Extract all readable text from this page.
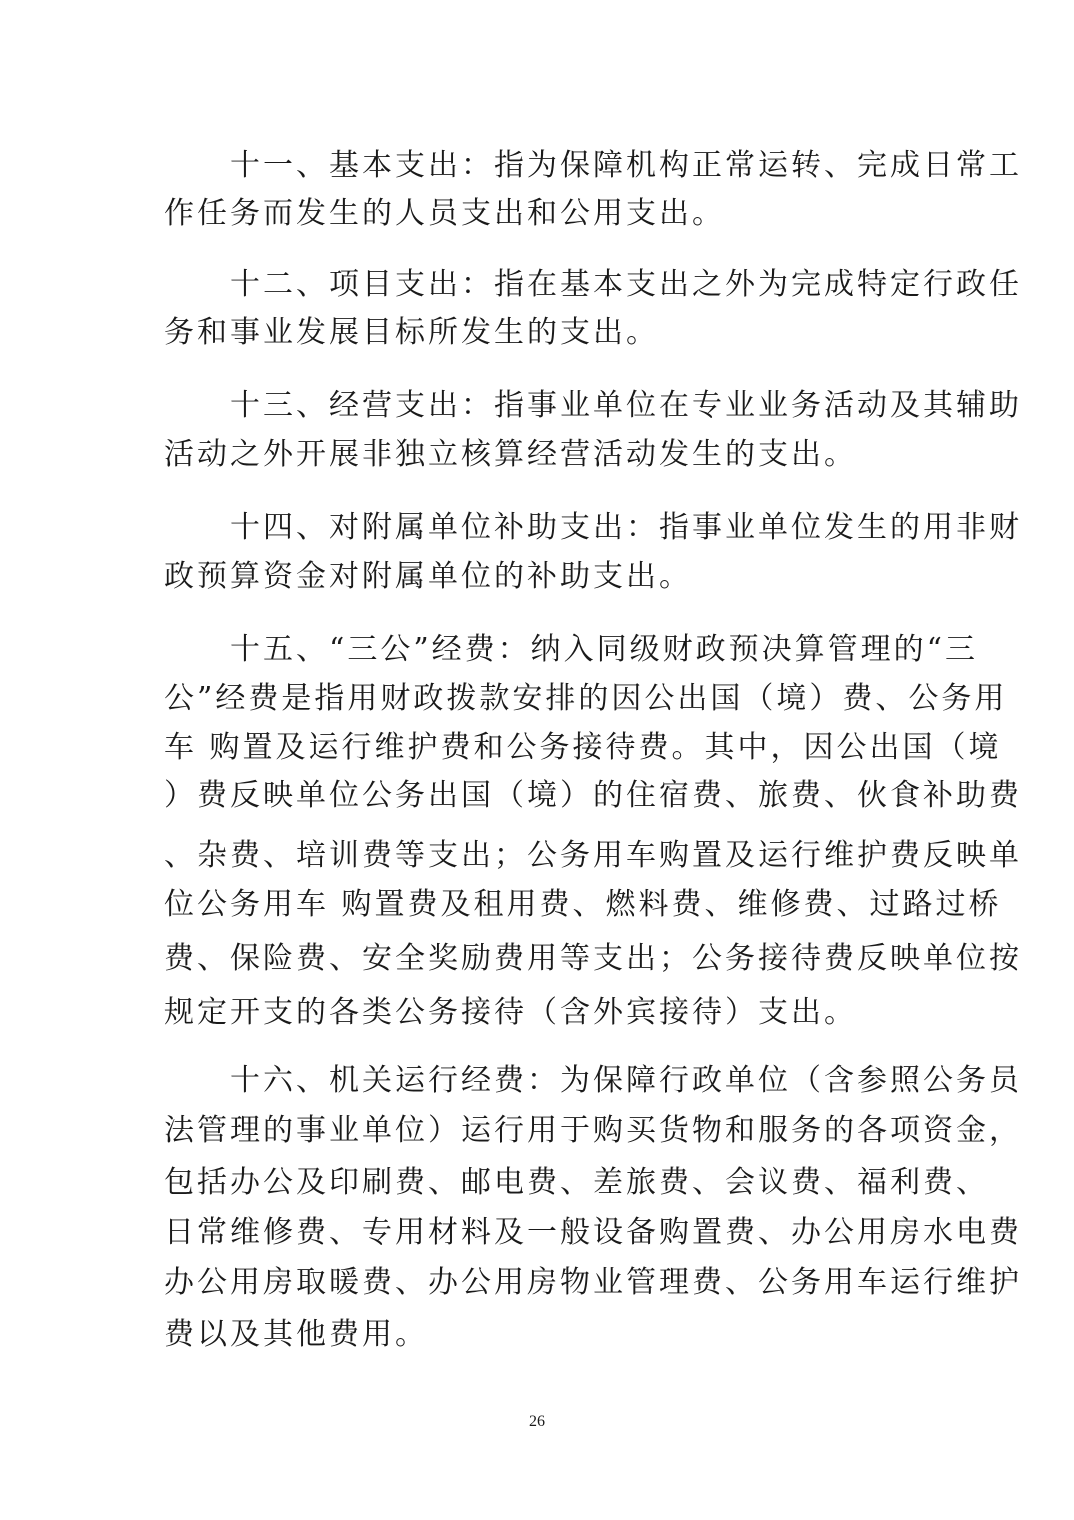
　　十一、基本支出：指为保障机构正常运转、完成日常工
作任务而发生的人员支出和公用支出。
　　十二、项目支出：指在基本支出之外为完成特定行政任
务和事业发展目标所发生的支出。
　　十三、经营支出：指事业单位在专业业务活动及其辅助
活动之外开展非独立核算经营活动发生的支出。
　　十四、对附属单位补助支出：指事业单位发生的用非财
政预算资金对附属单位的补助支出。
　　十五、“三公”经费：纳入同级财政预决算管理的“三
公”经费是指用财政拨款安排的因公出国（境）费、公务用
车 购置及运行维护费和公务接待费。其中，因公出国（境
）费反映单位公务出国（境）的住宿费、旅费、伙食补助费
、杂费、培训费等支出；公务用车购置及运行维护费反映单
位公务用车 购置费及租用费、燃料费、维修费、过路过桥
费、保险费、安全奖励费用等支出；公务接待费反映单位按
规定开支的各类公务接待（含外宾接待）支出。
　　十六、机关运行经费：为保障行政单位（含参照公务员
法管理的事业单位）运行用于购买货物和服务的各项资金，
包括办公及印刷费、邮电费、差旅费、会议费、福利费、
日常维修费、专用材料及一般设备购置费、办公用房水电费
办公用房取暖费、办公用房物业管理费、公务用车运行维护
费以及其他费用。
26
